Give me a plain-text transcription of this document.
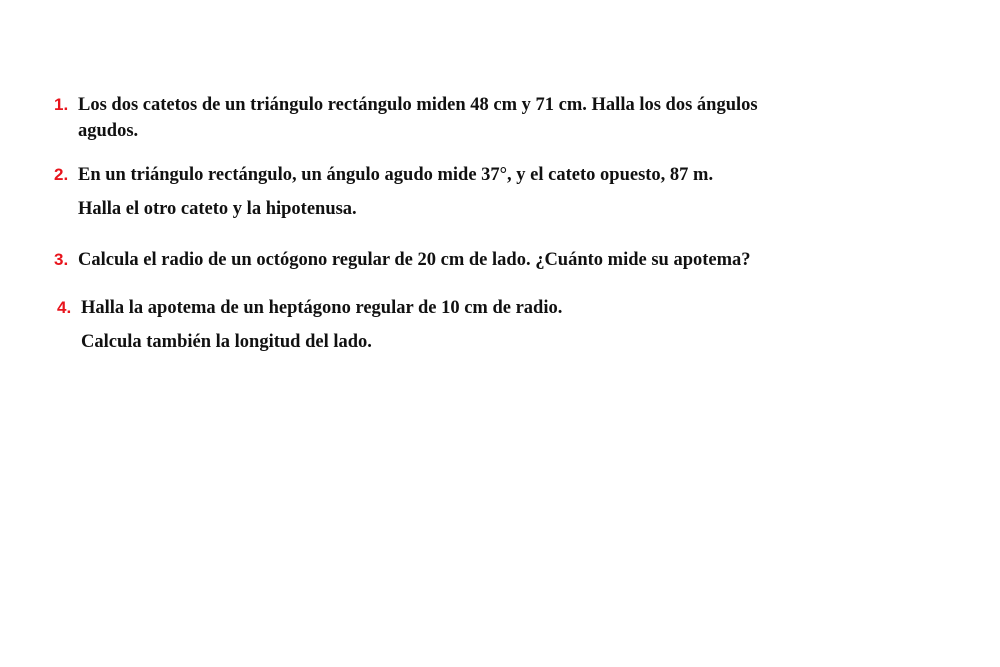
1. Los dos catetos de un triángulo rectángulo miden 48 cm y 71 cm. Halla los dos ángulos
agudos.
2. En un triángulo rectángulo, un ángulo agudo mide 37°, y el cateto opuesto, 87 m.
Halla el otro cateto y la hipotenusa.
3. Calcula el radio de un octógono regular de 20 cm de lado. ¿Cuánto mide su apotema?
4. Halla la apotema de un heptágono regular de 10 cm de radio.
Calcula también la longitud del lado.
